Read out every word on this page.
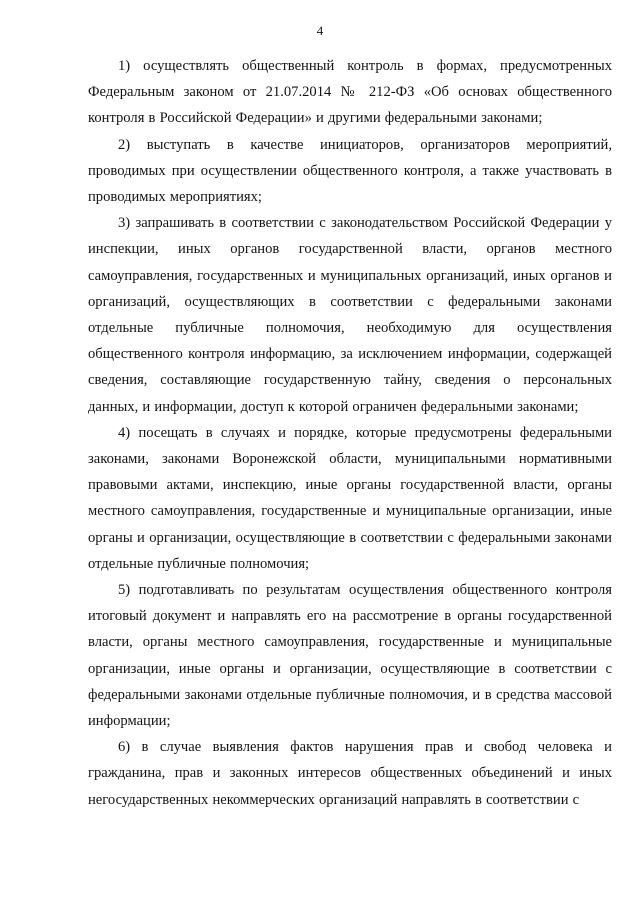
4

1) осуществлять общественный контроль в формах, предусмотренных Федеральным законом от 21.07.2014 № 212-ФЗ «Об основах общественного контроля в Российской Федерации» и другими федеральными законами;

2) выступать в качестве инициаторов, организаторов мероприятий, проводимых при осуществлении общественного контроля, а также участвовать в проводимых мероприятиях;

3) запрашивать в соответствии с законодательством Российской Федерации у инспекции, иных органов государственной власти, органов местного самоуправления, государственных и муниципальных организаций, иных органов и организаций, осуществляющих в соответствии с федеральными законами отдельные публичные полномочия, необходимую для осуществления общественного контроля информацию, за исключением информации, содержащей сведения, составляющие государственную тайну, сведения о персональных данных, и информации, доступ к которой ограничен федеральными законами;

4) посещать в случаях и порядке, которые предусмотрены федеральными законами, законами Воронежской области, муниципальными нормативными правовыми актами, инспекцию, иные органы государственной власти, органы местного самоуправления, государственные и муниципальные организации, иные органы и организации, осуществляющие в соответствии с федеральными законами отдельные публичные полномочия;

5) подготавливать по результатам осуществления общественного контроля итоговый документ и направлять его на рассмотрение в органы государственной власти, органы местного самоуправления, государственные и муниципальные организации, иные органы и организации, осуществляющие в соответствии с федеральными законами отдельные публичные полномочия, и в средства массовой информации;

6) в случае выявления фактов нарушения прав и свобод человека и гражданина, прав и законных интересов общественных объединений и иных негосударственных некоммерческих организаций направлять в соответствии с
